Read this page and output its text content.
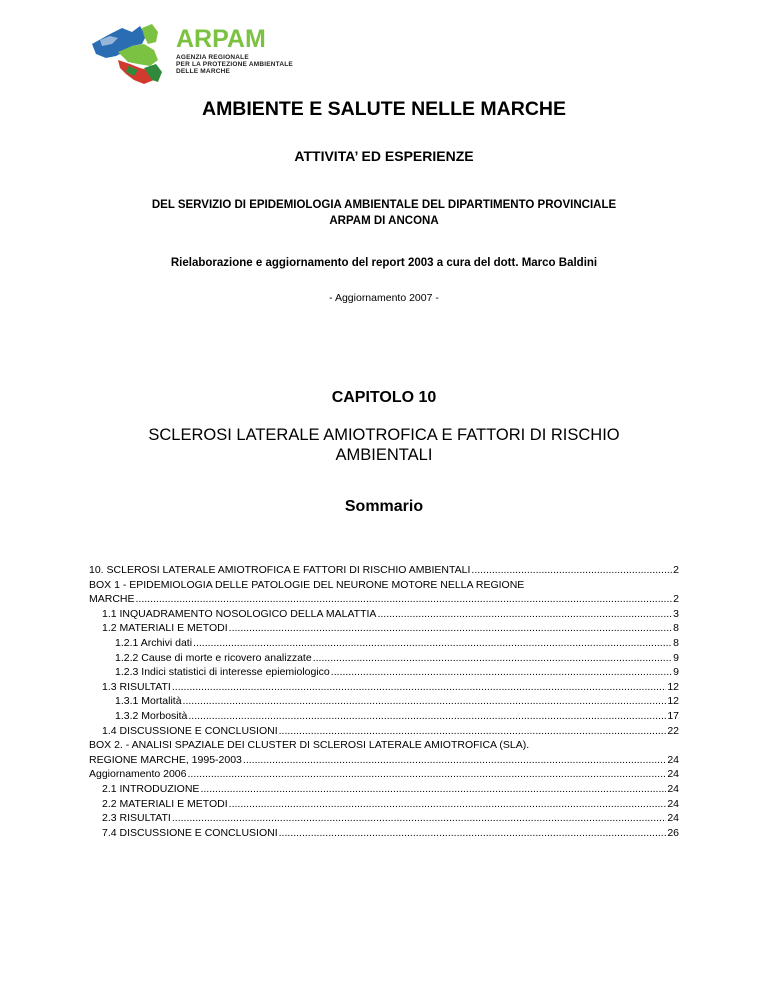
ARPAM
AGENZIA REGIONALE
PER LA PROTEZIONE AMBIENTALE
DELLE MARCHE
AMBIENTE E SALUTE NELLE MARCHE
ATTIVITA’ ED ESPERIENZE
DEL SERVIZIO DI EPIDEMIOLOGIA AMBIENTALE DEL DIPARTIMENTO PROVINCIALE
ARPAM DI ANCONA
Rielaborazione e aggiornamento del report 2003 a cura del dott. Marco Baldini
- Aggiornamento 2007 -
CAPITOLO 10
SCLEROSI LATERALE AMIOTROFICA E FATTORI DI RISCHIO
AMBIENTALI
Sommario
10. SCLEROSI LATERALE AMIOTROFICA E FATTORI DI RISCHIO AMBIENTALI .....	2
BOX 1 - EPIDEMIOLOGIA DELLE PATOLOGIE DEL NEURONE MOTORE NELLA REGIONE
MARCHE .....	2
1.1 INQUADRAMENTO NOSOLOGICO DELLA MALATTIA .....	3
1.2 MATERIALI E METODI .....	8
1.2.1 Archivi dati .....	8
1.2.2 Cause di morte e ricovero analizzate .....	9
1.2.3 Indici statistici di interesse epiemiologico .....	9
1.3 RISULTATI .....	12
1.3.1 Mortalità .....	12
1.3.2 Morbosità .....	17
1.4 DISCUSSIONE E CONCLUSIONI .....	22
BOX 2. - ANALISI SPAZIALE DEI CLUSTER DI SCLEROSI LATERALE AMIOTROFICA (SLA).
REGIONE MARCHE, 1995-2003 .....	24
Aggiornamento 2006 .....	24
2.1 INTRODUZIONE .....	24
2.2 MATERIALI E METODI .....	24
2.3 RISULTATI .....	24
7.4 DISCUSSIONE E CONCLUSIONI .....	26
